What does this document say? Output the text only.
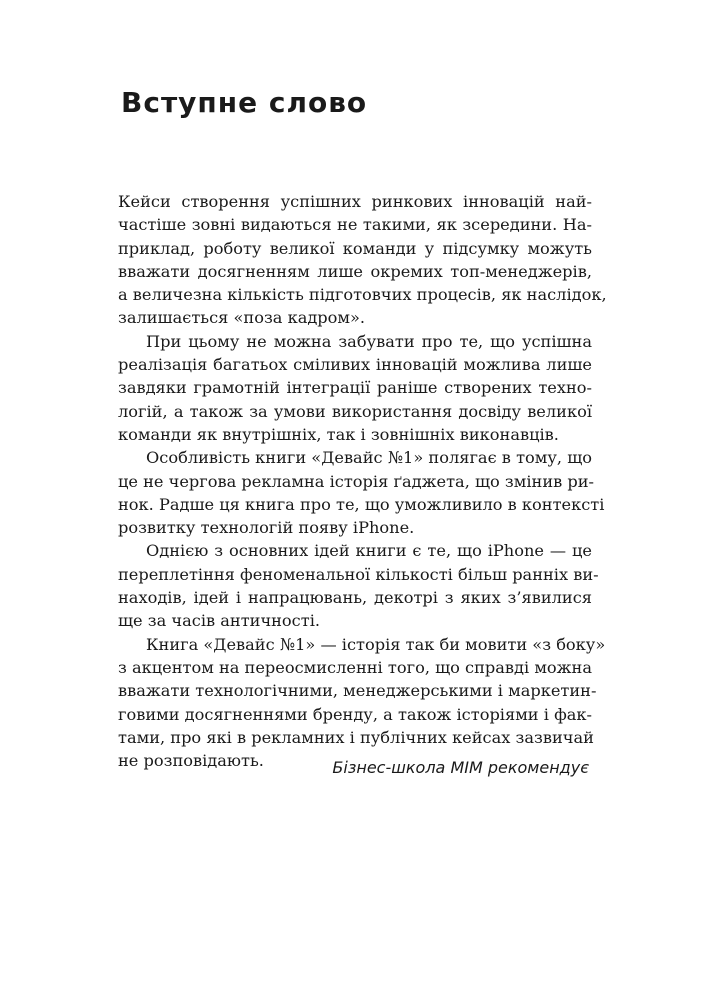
Вступне слово

Кейси створення успішних ринкових інновацій най-
частіше зовні видаються не такими, як зсередини. На-
приклад, роботу великої команди у підсумку можуть
вважати досягненням лише окремих топ-менеджерів,
а величезна кількість підготовчих процесів, як наслідок,
залишається «поза кадром».

При цьому не можна забувати про те, що успішна
реалізація багатьох сміливих інновацій можлива лише
завдяки грамотній інтеграції раніше створених техно-
логій, а також за умови використання досвіду великої
команди як внутрішніх, так і зовнішніх виконавців.

Особливість книги «Девайс №1» полягає в тому, що
це не чергова рекламна історія ґаджета, що змінив ри-
нок. Радше ця книга про те, що уможливило в контексті
розвитку технологій появу iPhone.

Однією з основних ідей книги є те, що iPhone — це
переплетіння феноменальної кількості більш ранніх ви-
находів, ідей і напрацювань, декотрі з яких з’явилися
ще за часів античності.

Книга «Девайс №1» — історія так би мовити «з боку»
з акцентом на переосмисленні того, що справді можна
вважати технологічними, менеджерськими і маркетин-
говими досягненнями бренду, а також історіями і фак-
тами, про які в рекламних і публічних кейсах зазвичай
не розповідають.	Бізнес-школа МІМ рекомендує
